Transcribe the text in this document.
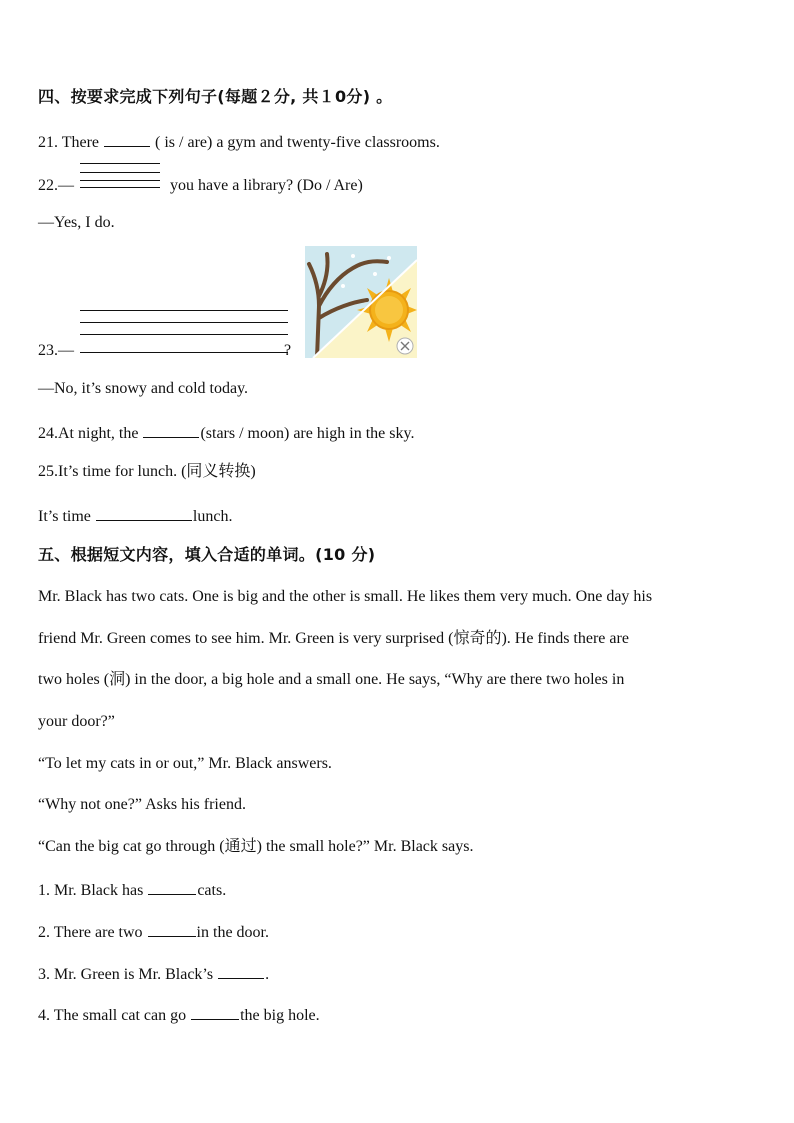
四、按要求完成下列句子(每题２分, 共１0分) 。
21. There	( is / are) a gym and twenty-five classrooms.
22.—	you have a library? (Do / Are)
—Yes, I do.
23.—	?
—No, it’s snowy and cold today.
24.At night, the	(stars / moon) are high in the sky.
25.It’s time for lunch. (同义转换)
It’s time	lunch.
五、根据短文内容，填入合适的单词。(10 分)
Mr. Black has two cats. One is big and the other is small. He likes them very much. One day his
friend Mr. Green comes to see him. Mr. Green is very surprised (惊奇的). He finds there are
two holes (洞) in the door, a big hole and a small one. He says, “Why are there two holes in
your door?”
“To let my cats in or out,” Mr. Black answers.
“Why not one?” Asks his friend.
“Can the big cat go through (通过) the small hole?” Mr. Black says.
1. Mr. Black has	cats.
2. There are two	in the door.
3. Mr. Green is Mr. Black’s	.
4. The small cat can go	the big hole.
